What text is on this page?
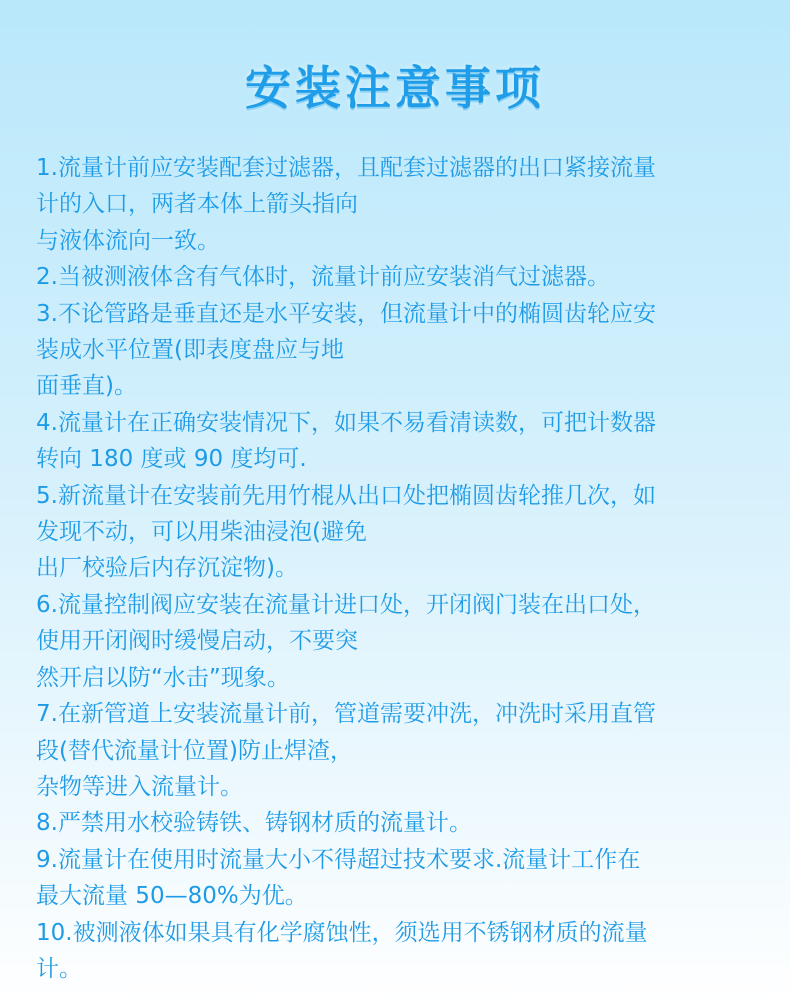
安装注意事项
1.流量计前应安装配套过滤器，且配套过滤器的出口紧接流量
计的入口，两者本体上箭头指向
与液体流向一致。
2.当被测液体含有气体时，流量计前应安装消气过滤器。
3.不论管路是垂直还是水平安装，但流量计中的椭圆齿轮应安
装成水平位置(即表度盘应与地
面垂直)。
4.流量计在正确安装情况下，如果不易看清读数，可把计数器
转向 180 度或 90 度均可.
5.新流量计在安装前先用竹棍从出口处把椭圆齿轮推几次，如
发现不动，可以用柴油浸泡(避免
出厂校验后内存沉淀物)。
6.流量控制阀应安装在流量计进口处，开闭阀门装在出口处，
使用开闭阀时缓慢启动，不要突
然开启以防“水击”现象。
7.在新管道上安装流量计前，管道需要冲洗，冲洗时采用直管
段(替代流量计位置)防止焊渣，
杂物等进入流量计。
8.严禁用水校验铸铁、铸钢材质的流量计。
9.流量计在使用时流量大小不得超过技术要求.流量计工作在
最大流量 50—80%为优。
10.被测液体如果具有化学腐蚀性，须选用不锈钢材质的流量
计。
